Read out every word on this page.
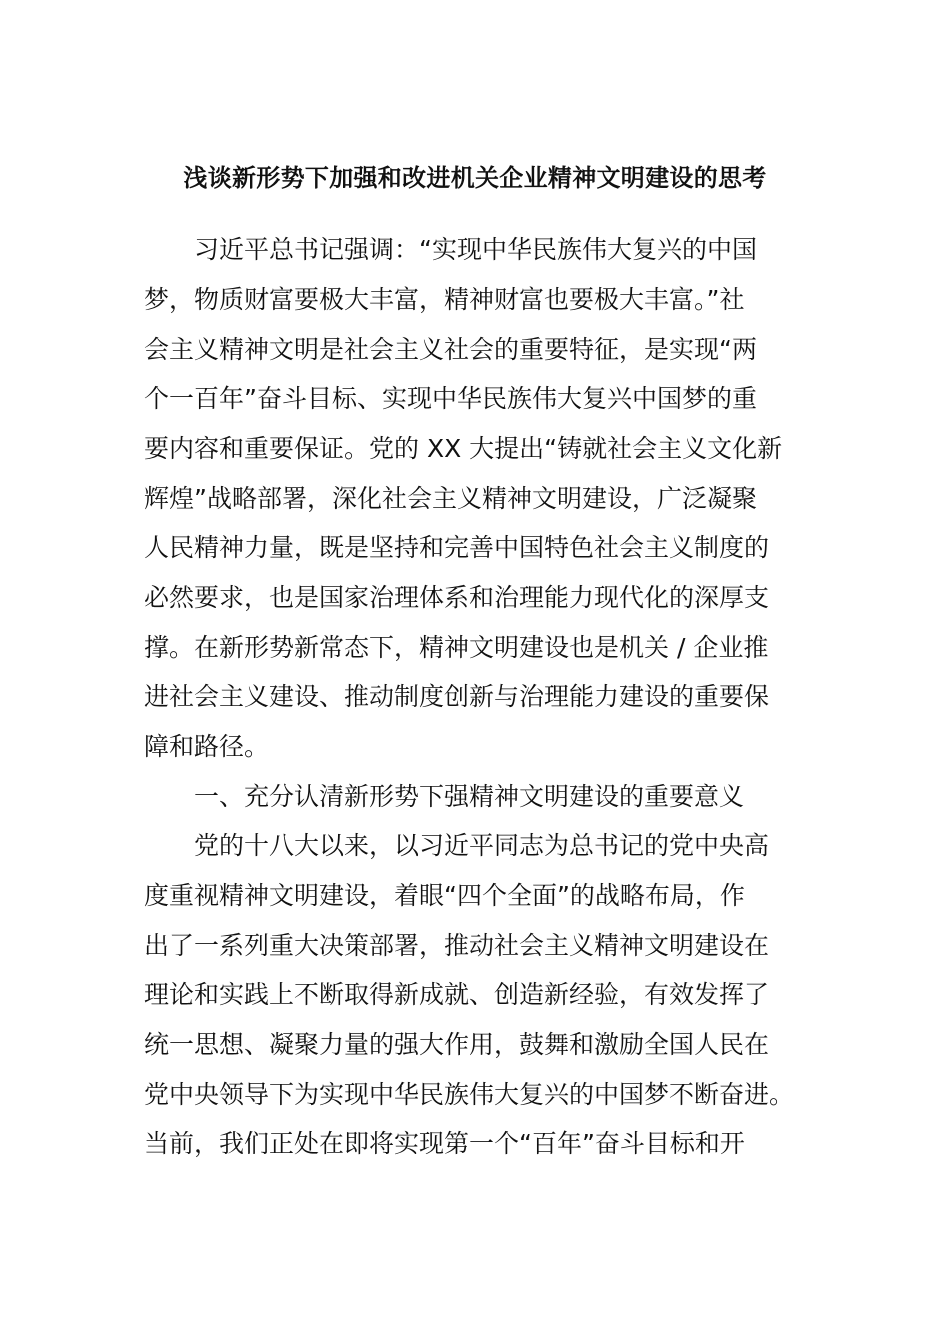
浅谈新形势下加强和改进机关企业精神文明建设的思考
习近平总书记强调：“实现中华民族伟大复兴的中国
梦，物质财富要极大丰富，精神财富也要极大丰富。”社
会主义精神文明是社会主义社会的重要特征，是实现“两
个一百年”奋斗目标、实现中华民族伟大复兴中国梦的重
要内容和重要保证。党的 XX 大提出“铸就社会主义文化新
辉煌”战略部署，深化社会主义精神文明建设，广泛凝聚
人民精神力量，既是坚持和完善中国特色社会主义制度的
必然要求，也是国家治理体系和治理能力现代化的深厚支
撑。在新形势新常态下，精神文明建设也是机关 / 企业推
进社会主义建设、推动制度创新与治理能力建设的重要保
障和路径。
一、充分认清新形势下强精神文明建设的重要意义
党的十八大以来，以习近平同志为总书记的党中央高
度重视精神文明建设，着眼“四个全面”的战略布局，作
出了一系列重大决策部署，推动社会主义精神文明建设在
理论和实践上不断取得新成就、创造新经验，有效发挥了
统一思想、凝聚力量的强大作用，鼓舞和激励全国人民在
党中央领导下为实现中华民族伟大复兴的中国梦不断奋进。
当前，我们正处在即将实现第一个“百年”奋斗目标和开
